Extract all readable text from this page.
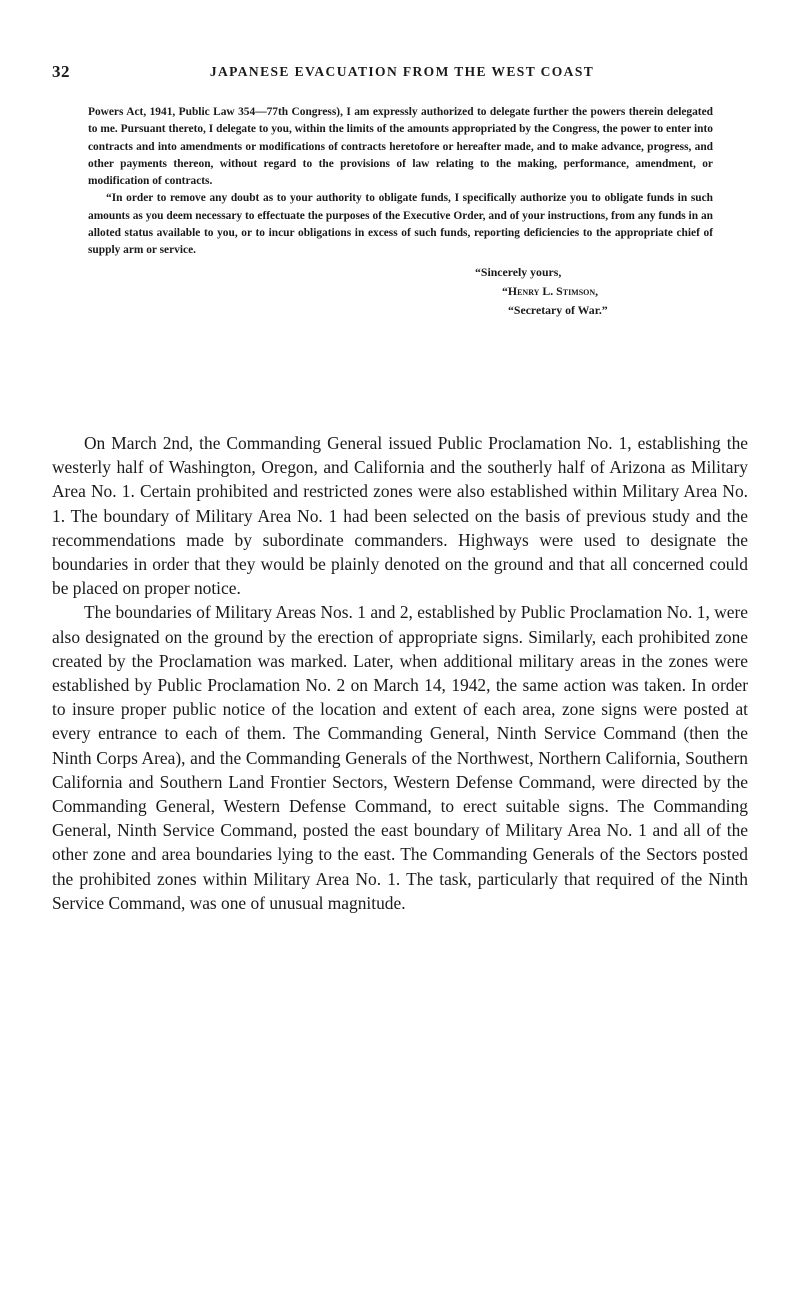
32	JAPANESE EVACUATION FROM THE WEST COAST

Powers Act, 1941, Public Law 354—77th Congress), I am expressly authorized to delegate further the powers therein delegated to me. Pursuant thereto, I delegate to you, within the limits of the amounts appropriated by the Congress, the power to enter into contracts and into amendments or modifications of contracts heretofore or hereafter made, and to make advance, progress, and other payments thereon, without regard to the provisions of law relating to the making, performance, amendment, or modification of contracts.

“In order to remove any doubt as to your authority to obligate funds, I specifically authorize you to obligate funds in such amounts as you deem necessary to effectuate the purposes of the Executive Order, and of your instructions, from any funds in an alloted status available to you, or to incur obligations in excess of such funds, reporting deficiencies to the appropriate chief of supply arm or service.

“Sincerely yours,
“Henry L. Stimson,
“Secretary of War.”

On March 2nd, the Commanding General issued Public Proclamation No. 1, establishing the westerly half of Washington, Oregon, and California and the southerly half of Arizona as Military Area No. 1. Certain prohibited and restricted zones were also established within Military Area No. 1. The boundary of Military Area No. 1 had been selected on the basis of previous study and the recommendations made by subordinate commanders. Highways were used to designate the boundaries in order that they would be plainly denoted on the ground and that all concerned could be placed on proper notice.

The boundaries of Military Areas Nos. 1 and 2, established by Public Proclamation No. 1, were also designated on the ground by the erection of appropriate signs. Similarly, each prohibited zone created by the Proclamation was marked. Later, when additional military areas in the zones were established by Public Proclamation No. 2 on March 14, 1942, the same action was taken. In order to insure proper public notice of the location and extent of each area, zone signs were posted at every entrance to each of them. The Commanding General, Ninth Service Command (then the Ninth Corps Area), and the Commanding Generals of the Northwest, Northern California, Southern California and Southern Land Frontier Sectors, Western Defense Command, were directed by the Commanding General, Western Defense Command, to erect suitable signs. The Commanding General, Ninth Service Command, posted the east boundary of Military Area No. 1 and all of the other zone and area boundaries lying to the east. The Commanding Generals of the Sectors posted the prohibited zones within Military Area No. 1. The task, particularly that required of the Ninth Service Command, was one of unusual magnitude.
